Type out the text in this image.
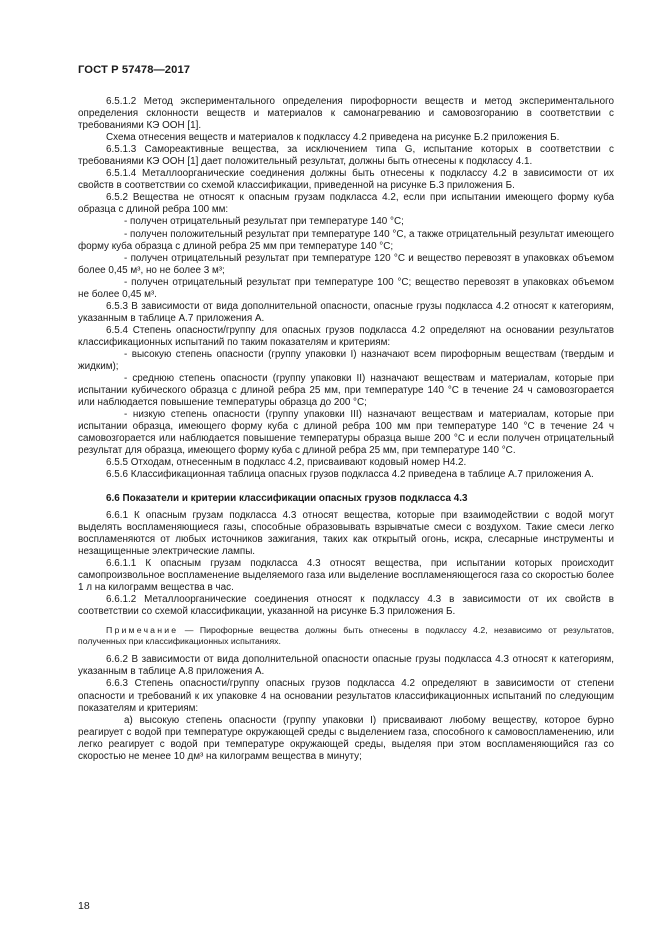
ГОСТ Р 57478—2017

6.5.1.2 Метод экспериментального определения пирофорности веществ и метод экспериментального определения склонности веществ и материалов к самонагреванию и самовозгоранию в соответствии с требованиями КЭ ООН [1].

Схема отнесения веществ и материалов к подклассу 4.2 приведена на рисунке Б.2 приложения Б.

6.5.1.3 Самореактивные вещества, за исключением типа G, испытание которых в соответствии с требованиями КЭ ООН [1] дает положительный результат, должны быть отнесены к подклассу 4.1.

6.5.1.4 Металлоорганические соединения должны быть отнесены к подклассу 4.2 в зависимости от их свойств в соответствии со схемой классификации, приведенной на рисунке Б.3 приложения Б.

6.5.2 Вещества не относят к опасным грузам подкласса 4.2, если при испытании имеющего форму куба образца с длиной ребра 100 мм:

- получен отрицательный результат при температуре 140 °С;

- получен положительный результат при температуре 140 °С, а также отрицательный результат имеющего форму куба образца с длиной ребра 25 мм при температуре 140 °С;

- получен отрицательный результат при температуре 120 °С и вещество перевозят в упаковках объемом более 0,45 м³, но не более 3 м³;

- получен отрицательный результат при температуре 100 °С; вещество перевозят в упаковках объемом не более 0,45 м³.

6.5.3 В зависимости от вида дополнительной опасности, опасные грузы подкласса 4.2 относят к категориям, указанным в таблице А.7 приложения А.

6.5.4 Степень опасности/группу для опасных грузов подкласса 4.2 определяют на основании результатов классификационных испытаний по таким показателям и критериям:

- высокую степень опасности (группу упаковки I) назначают всем пирофорным веществам (твердым и жидким);

- среднюю степень опасности (группу упаковки II) назначают веществам и материалам, которые при испытании кубического образца с длиной ребра 25 мм, при температуре 140 °С в течение 24 ч самовозгорается или наблюдается повышение температуры образца до 200 °С;

- низкую степень опасности (группу упаковки III) назначают веществам и материалам, которые при испытании образца, имеющего форму куба с длиной ребра 100 мм при температуре 140 °С в течение 24 ч самовозгорается или наблюдается повышение температуры образца выше 200 °С и если получен отрицательный результат для образца, имеющего форму куба с длиной ребра 25 мм, при температуре 140 °С.

6.5.5 Отходам, отнесенным в подкласс 4.2, присваивают кодовый номер Н4.2.

6.5.6 Классификационная таблица опасных грузов подкласса 4.2 приведена в таблице А.7 приложения А.

6.6 Показатели и критерии классификации опасных грузов подкласса 4.3

6.6.1 К опасным грузам подкласса 4.3 относят вещества, которые при взаимодействии с водой могут выделять воспламеняющиеся газы, способные образовывать взрывчатые смеси с воздухом. Такие смеси легко воспламеняются от любых источников зажигания, таких как открытый огонь, искра, слесарные инструменты и незащищенные электрические лампы.

6.6.1.1 К опасным грузам подкласса 4.3 относят вещества, при испытании которых происходит самопроизвольное воспламенение выделяемого газа или выделение воспламеняющегося газа со скоростью более 1 л на килограмм вещества в час.

6.6.1.2 Металлоорганические соединения относят к подклассу 4.3 в зависимости от их свойств в соответствии со схемой классификации, указанной на рисунке Б.3 приложения Б.

Примечание — Пирофорные вещества должны быть отнесены в подклассу 4.2, независимо от результатов, полученных при классификационных испытаниях.

6.6.2 В зависимости от вида дополнительной опасности опасные грузы подкласса 4.3 относят к категориям, указанным в таблице А.8 приложения А.

6.6.3 Степень опасности/группу опасных грузов подкласса 4.2 определяют в зависимости от степени опасности и требований к их упаковке 4 на основании результатов классификационных испытаний по следующим показателям и критериям:

а) высокую степень опасности (группу упаковки I) присваивают любому веществу, которое бурно реагирует с водой при температуре окружающей среды с выделением газа, способного к самовоспламенению, или легко реагирует с водой при температуре окружающей среды, выделяя при этом воспламеняющийся газ со скоростью не менее 10 дм³ на килограмм вещества в минуту;

18
